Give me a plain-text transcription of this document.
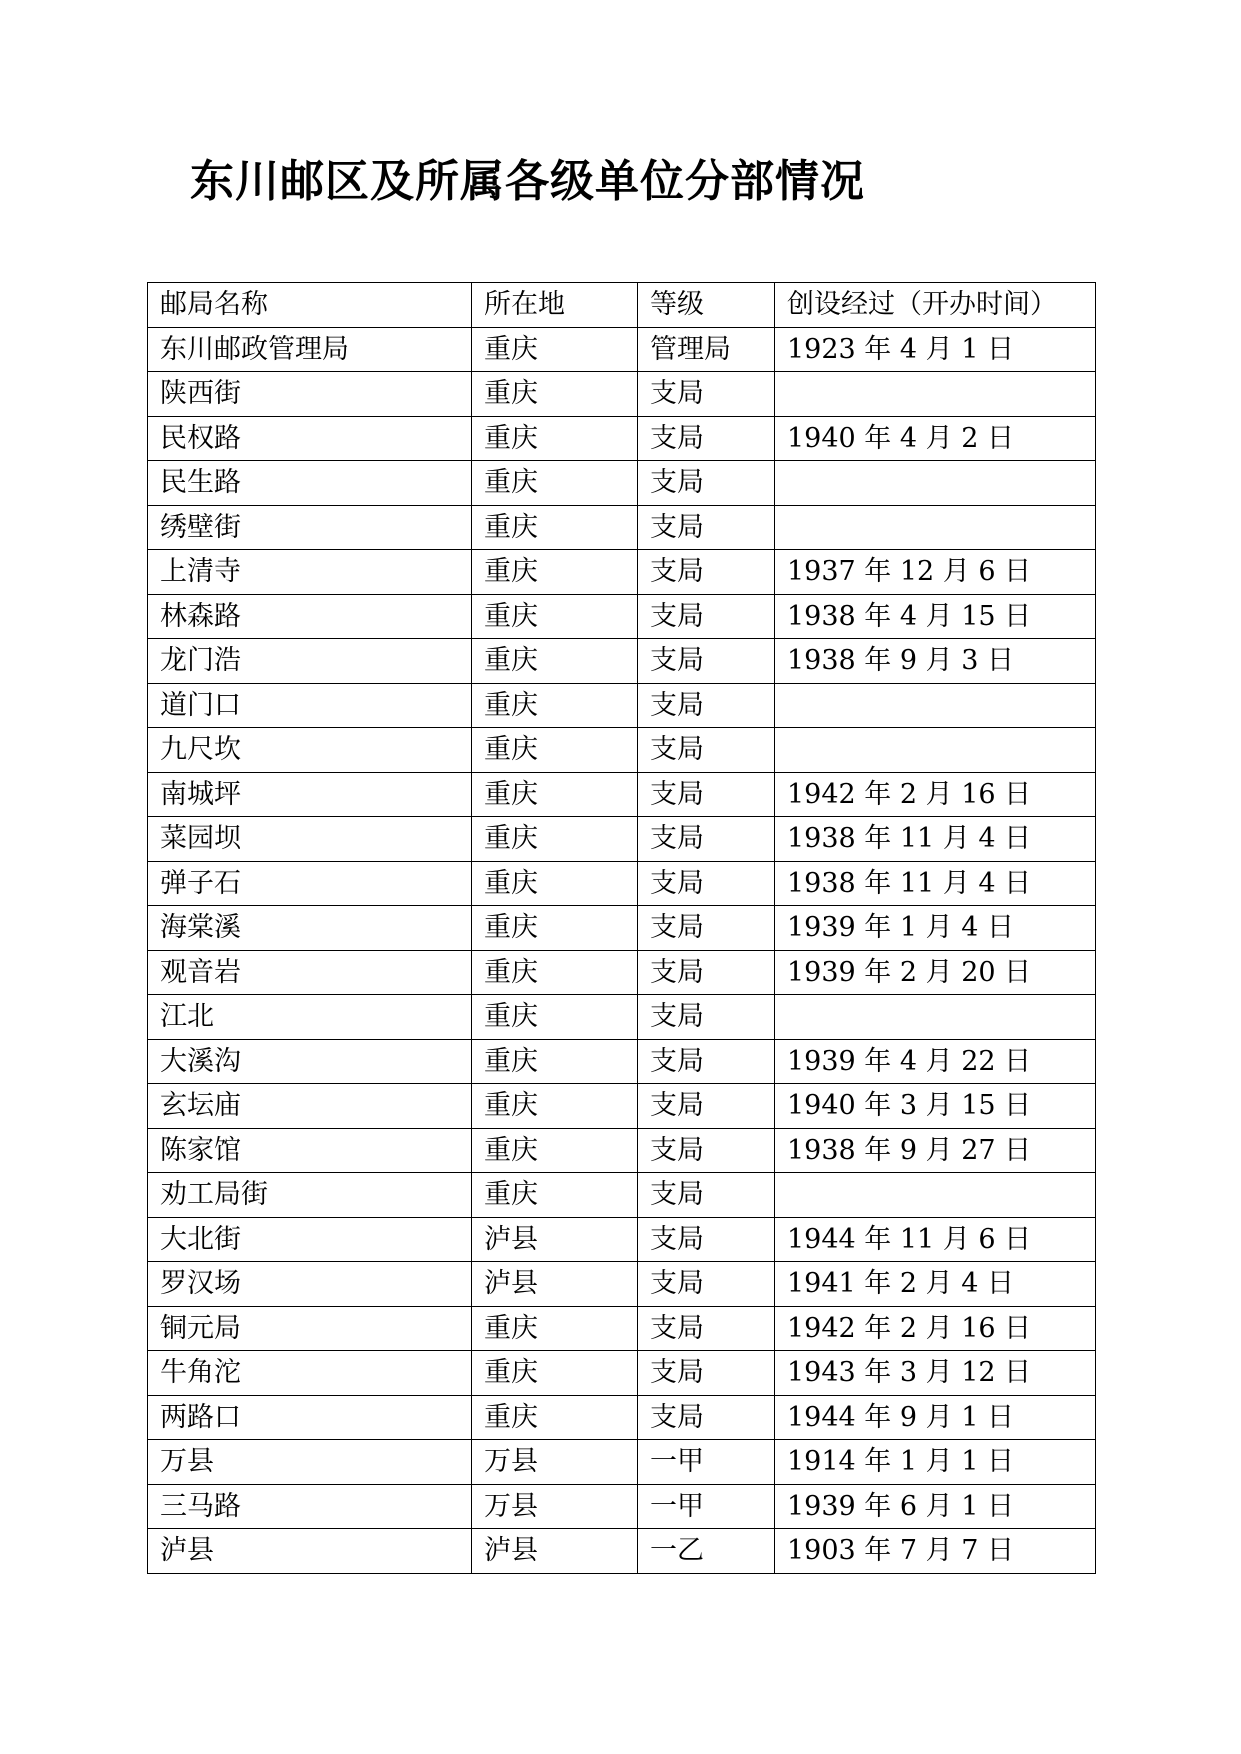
东川邮区及所属各级单位分部情况
邮局名称	所在地	等级	创设经过（开办时间）
东川邮政管理局	重庆	管理局	1923 年 4 月 1 日
陕西街	重庆	支局	
民权路	重庆	支局	1940 年 4 月 2 日
民生路	重庆	支局	
绣壁街	重庆	支局	
上清寺	重庆	支局	1937 年 12 月 6 日
林森路	重庆	支局	1938 年 4 月 15 日
龙门浩	重庆	支局	1938 年 9 月 3 日
道门口	重庆	支局	
九尺坎	重庆	支局	
南城坪	重庆	支局	1942 年 2 月 16 日
菜园坝	重庆	支局	1938 年 11 月 4 日
弹子石	重庆	支局	1938 年 11 月 4 日
海棠溪	重庆	支局	1939 年 1 月 4 日
观音岩	重庆	支局	1939 年 2 月 20 日
江北	重庆	支局	
大溪沟	重庆	支局	1939 年 4 月 22 日
玄坛庙	重庆	支局	1940 年 3 月 15 日
陈家馆	重庆	支局	1938 年 9 月 27 日
劝工局街	重庆	支局	
大北街	泸县	支局	1944 年 11 月 6 日
罗汉场	泸县	支局	1941 年 2 月 4 日
铜元局	重庆	支局	1942 年 2 月 16 日
牛角沱	重庆	支局	1943 年 3 月 12 日
两路口	重庆	支局	1944 年 9 月 1 日
万县	万县	一甲	1914 年 1 月 1 日
三马路	万县	一甲	1939 年 6 月 1 日
泸县	泸县	一乙	1903 年 7 月 7 日
